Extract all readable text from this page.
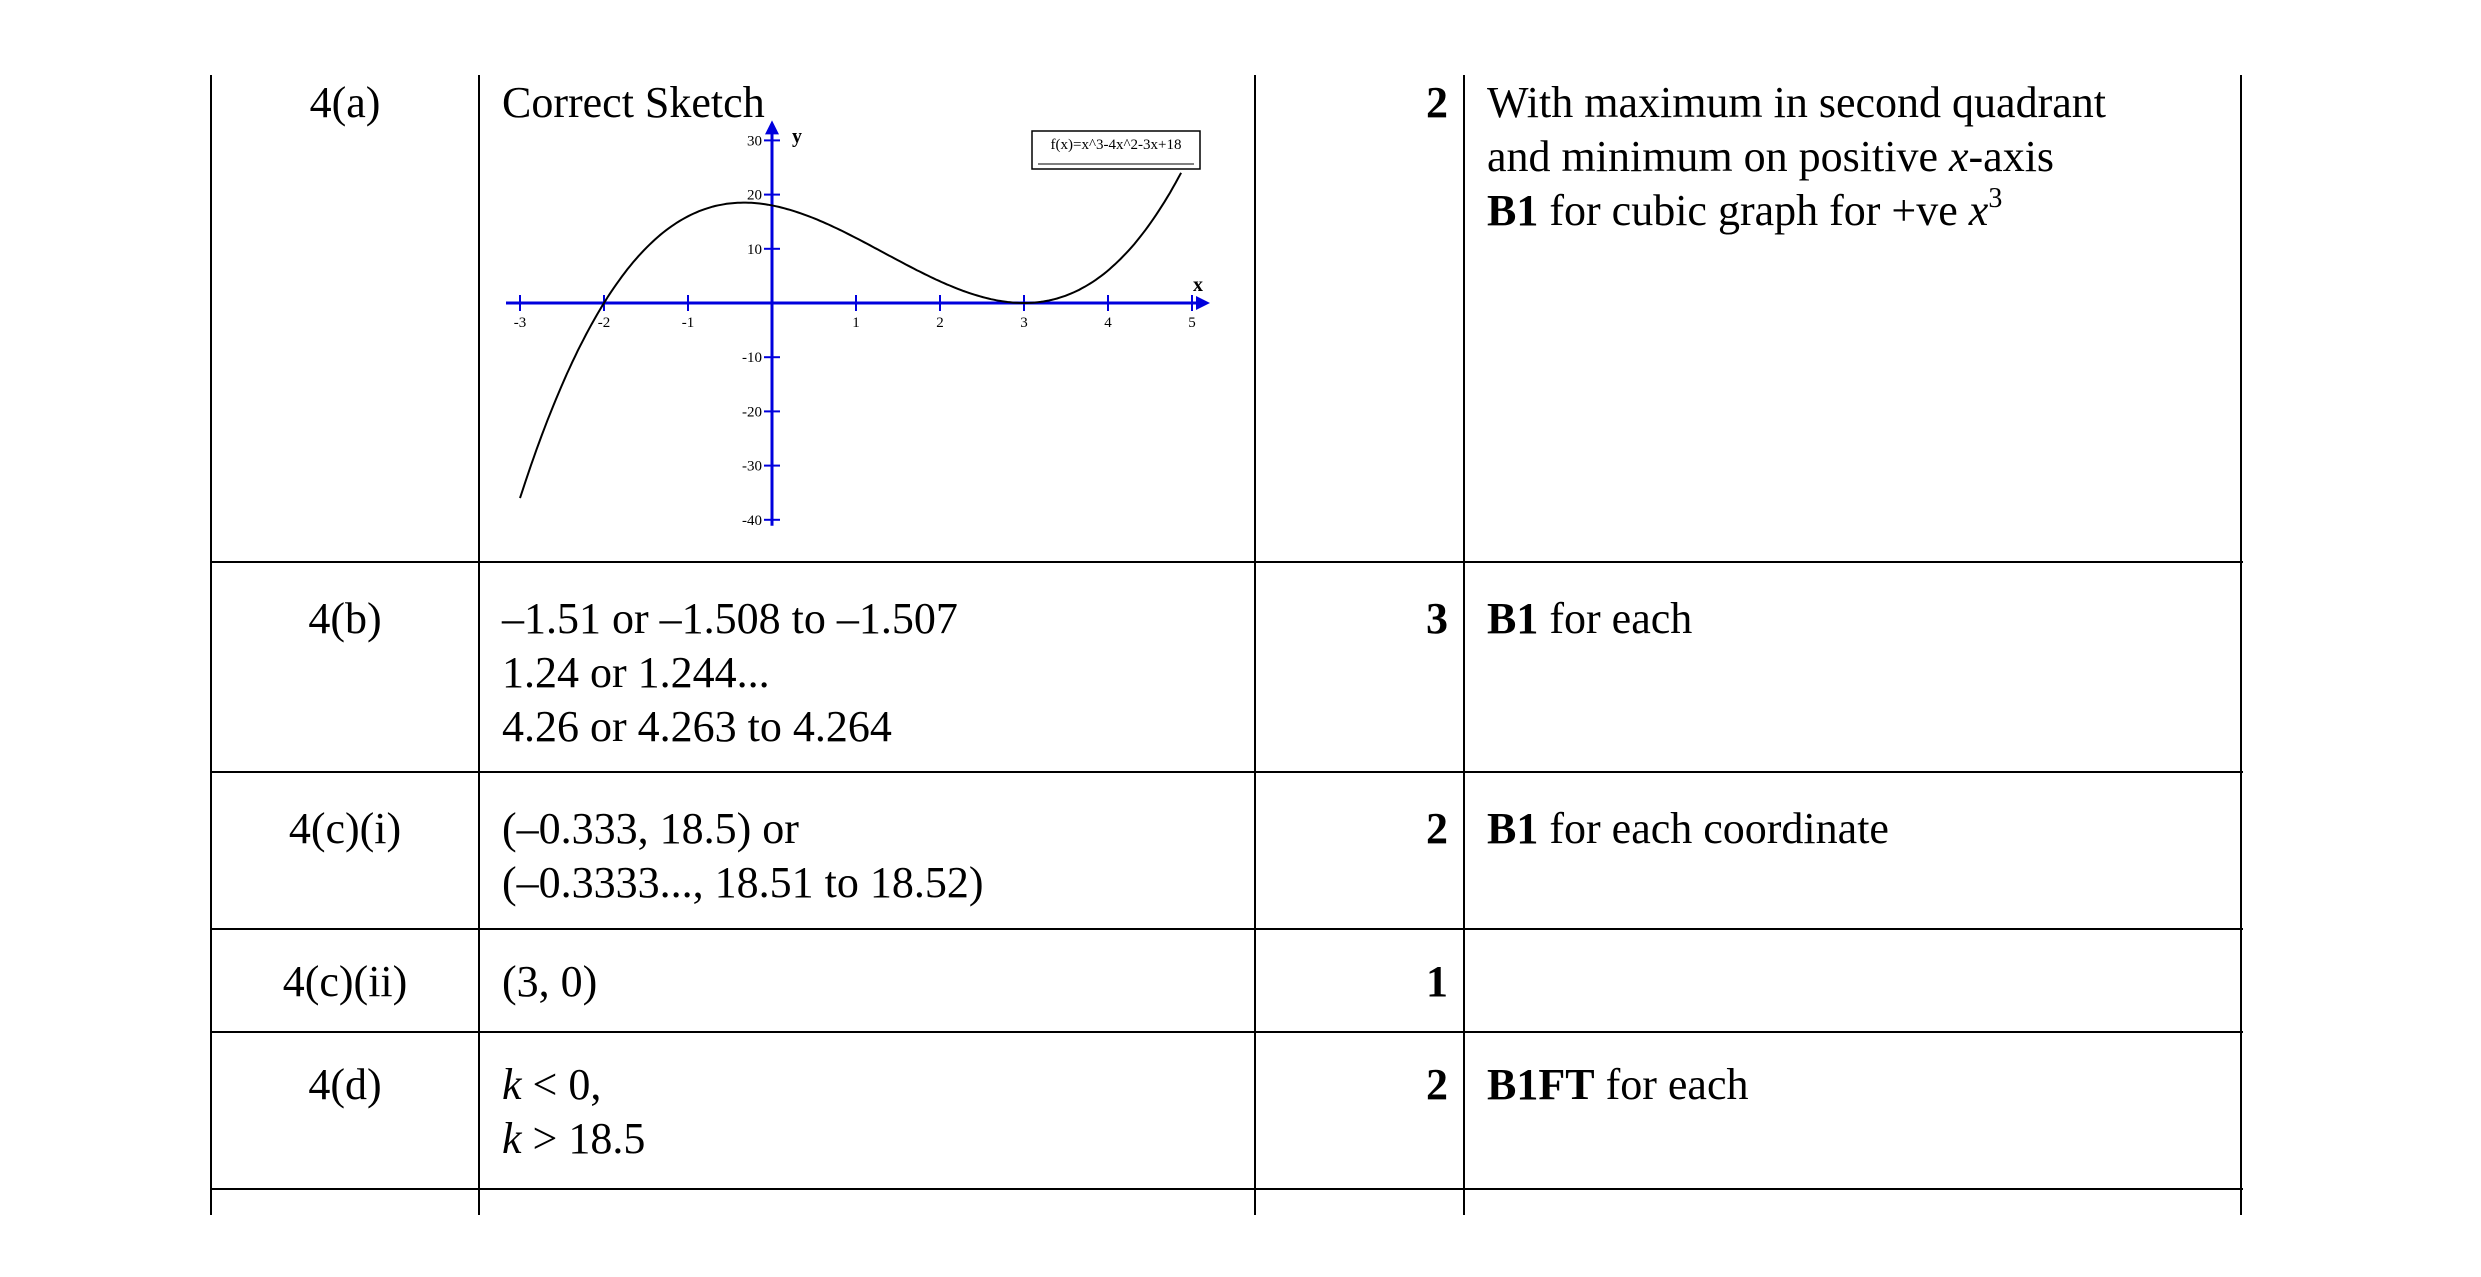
4(a)	Correct Sketch	2 With maximum in second quadrant
and minimum on positive x-axis
B1 for cubic graph for +ve $x^3$
-3	-2	-1	1	2	3	4	5
30
20
10
-10
-20
-30
-40
x
y	f(x)=x^3-4x^2-3x+18
4(b)	–1.51 or –1.508 to –1.507
1.24 or 1.244...
4.26 or 4.263 to 4.264
3 B1 for each
4(c)(i)	(–0.333, 18.5) or
(–0.3333..., 18.51 to 18.52)
2 B1 for each coordinate
4(c)(ii)	(3, 0)	1
4(d)	k < 0,
k > 18.5
2 B1FT for each
